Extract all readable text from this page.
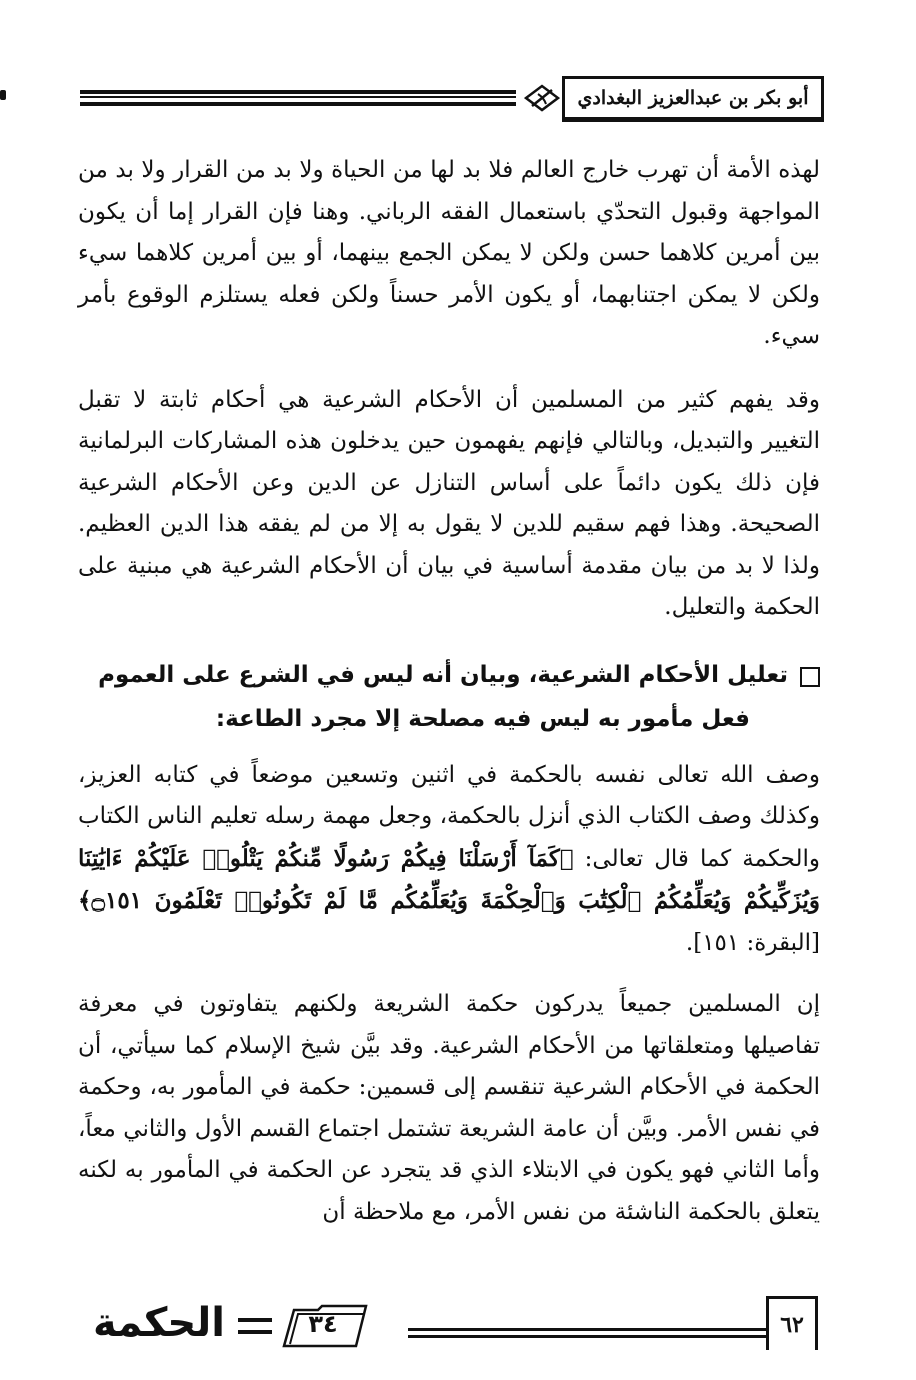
أبو بكر بن عبدالعزيز البغدادي

لهذه الأمة أن تهرب خارج العالم فلا بد لها من الحياة ولا بد من القرار ولا بد من المواجهة وقبول التحدّي باستعمال الفقه الرباني. وهنا فإن القرار إما أن يكون بين أمرين كلاهما حسن ولكن لا يمكن الجمع بينهما، أو بين أمرين كلاهما سيء ولكن لا يمكن اجتنابهما، أو يكون الأمر حسناً ولكن فعله يستلزم الوقوع بأمر سيء.

وقد يفهم كثير من المسلمين أن الأحكام الشرعية هي أحكام ثابتة لا تقبل التغيير والتبديل، وبالتالي فإنهم يفهمون حين يدخلون هذه المشاركات البرلمانية فإن ذلك يكون دائماً على أساس التنازل عن الدين وعن الأحكام الشرعية الصحيحة. وهذا فهم سقيم للدين لا يقول به إلا من لم يفقه هذا الدين العظيم. ولذا لا بد من بيان مقدمة أساسية في بيان أن الأحكام الشرعية هي مبنية على الحكمة والتعليل.

تعليل الأحكام الشرعية، وبيان أنه ليس في الشرع على العموم
فعل مأمور به ليس فيه مصلحة إلا مجرد الطاعة:

وصف الله تعالى نفسه بالحكمة في اثنين وتسعين موضعاً في كتابه العزيز، وكذلك وصف الكتاب الذي أنزل بالحكمة، وجعل مهمة رسله تعليم الناس الكتاب والحكمة كما قال تعالى: ﴿كَمَآ أَرْسَلْنَا فِيكُمْ رَسُولًا مِّنكُمْ يَتْلُوا۟ عَلَيْكُمْ ءَايَٰتِنَا وَيُزَكِّيكُمْ وَيُعَلِّمُكُمُ ٱلْكِتَٰبَ وَٱلْحِكْمَةَ وَيُعَلِّمُكُم مَّا لَمْ تَكُونُوا۟ تَعْلَمُونَ ۝١٥١﴾ [البقرة: ١٥١].

إن المسلمين جميعاً يدركون حكمة الشريعة ولكنهم يتفاوتون في معرفة تفاصيلها ومتعلقاتها من الأحكام الشرعية. وقد بيَّن شيخ الإسلام كما سيأتي، أن الحكمة في الأحكام الشرعية تنقسم إلى قسمين: حكمة في المأمور به، وحكمة في نفس الأمر. وبيَّن أن عامة الشريعة تشتمل اجتماع القسم الأول والثاني معاً، وأما الثاني فهو يكون في الابتلاء الذي قد يتجرد عن الحكمة في المأمور به لكنه يتعلق بالحكمة الناشئة من نفس الأمر، مع ملاحظة أن

٦٢
٣٤
الحكمة
